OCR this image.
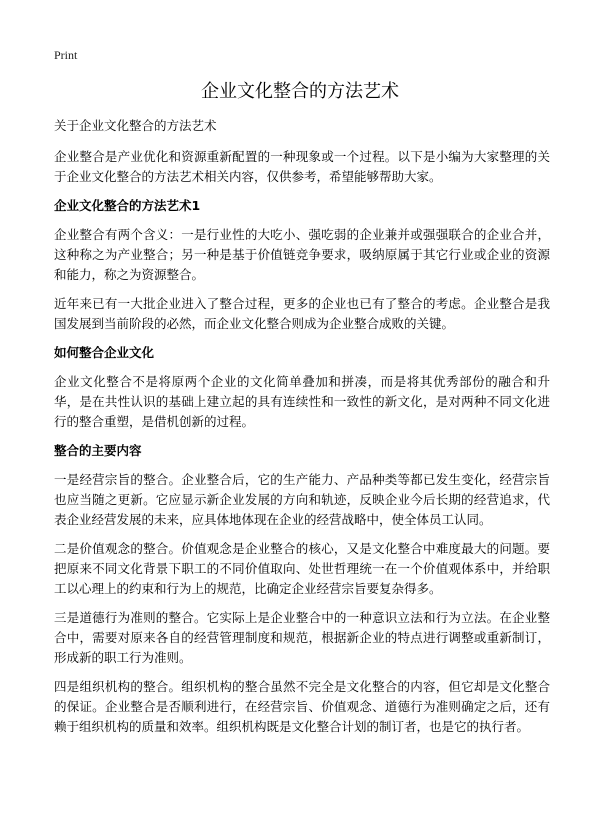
Print
企业文化整合的方法艺术
关于企业文化整合的方法艺术
企业整合是产业优化和资源重新配置的一种现象或一个过程。以下是小编为大家整理的关于企业文化整合的方法艺术相关内容，仅供参考，希望能够帮助大家。
企业文化整合的方法艺术1
企业整合有两个含义：一是行业性的大吃小、强吃弱的企业兼并或强强联合的企业合并，这种称之为产业整合；另一种是基于价值链竞争要求，吸纳原属于其它行业或企业的资源和能力，称之为资源整合。
近年来已有一大批企业进入了整合过程，更多的企业也已有了整合的考虑。企业整合是我国发展到当前阶段的必然，而企业文化整合则成为企业整合成败的关键。
如何整合企业文化
企业文化整合不是将原两个企业的文化简单叠加和拼凑，而是将其优秀部份的融合和升华，是在共性认识的基础上建立起的具有连续性和一致性的新文化，是对两种不同文化进行的整合重塑，是借机创新的过程。
整合的主要内容
一是经营宗旨的整合。企业整合后，它的生产能力、产品种类等都已发生变化，经营宗旨也应当随之更新。它应显示新企业发展的方向和轨迹，反映企业今后长期的经营追求，代表企业经营发展的未来，应具体地体现在企业的经营战略中，使全体员工认同。
二是价值观念的整合。价值观念是企业整合的核心，又是文化整合中难度最大的问题。要把原来不同文化背景下职工的不同价值取向、处世哲理统一在一个价值观体系中，并给职工以心理上的约束和行为上的规范，比确定企业经营宗旨要复杂得多。
三是道德行为准则的整合。它实际上是企业整合中的一种意识立法和行为立法。在企业整合中，需要对原来各自的经营管理制度和规范，根据新企业的特点进行调整或重新制订，形成新的职工行为准则。
四是组织机构的整合。组织机构的整合虽然不完全是文化整合的内容，但它却是文化整合的保证。企业整合是否顺利进行，在经营宗旨、价值观念、道德行为准则确定之后，还有赖于组织机构的质量和效率。组织机构既是文化整合计划的制订者，也是它的执行者。
